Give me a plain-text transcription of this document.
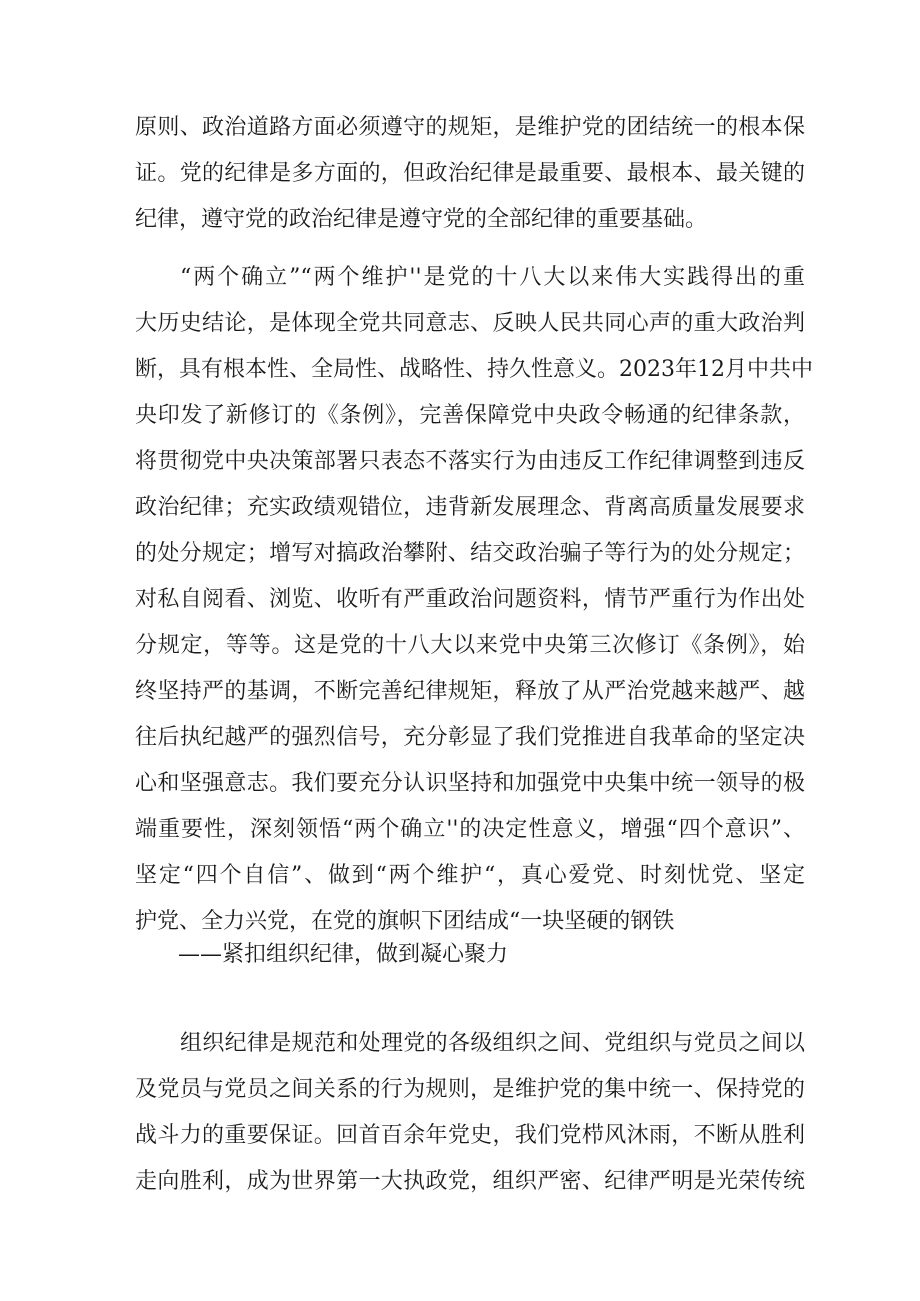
原则、政治道路方面必须遵守的规矩，是维护党的团结统一的根本保
证。党的纪律是多方面的，但政治纪律是最重要、最根本、最关键的
纪律，遵守党的政治纪律是遵守党的全部纪律的重要基础。
“两个确立”“两个维护''是党的十八大以来伟大实践得出的重
大历史结论，是体现全党共同意志、反映人民共同心声的重大政治判
断，具有根本性、全局性、战略性、持久性意义。2023年12月中共中
央印发了新修订的《条例》，完善保障党中央政令畅通的纪律条款，
将贯彻党中央决策部署只表态不落实行为由违反工作纪律调整到违反
政治纪律；充实政绩观错位，违背新发展理念、背离高质量发展要求
的处分规定；增写对搞政治攀附、结交政治骗子等行为的处分规定；
对私自阅看、浏览、收听有严重政治问题资料，情节严重行为作出处
分规定，等等。这是党的十八大以来党中央第三次修订《条例》，始
终坚持严的基调，不断完善纪律规矩，释放了从严治党越来越严、越
往后执纪越严的强烈信号，充分彰显了我们党推进自我革命的坚定决
心和坚强意志。我们要充分认识坚持和加强党中央集中统一领导的极
端重要性，深刻领悟“两个确立''的决定性意义，增强“四个意识”、
坚定“四个自信”、做到“两个维护“，真心爱党、时刻忧党、坚定
护党、全力兴党，在党的旗帜下团结成“一块坚硬的钢铁
——紧扣组织纪律，做到凝心聚力
组织纪律是规范和处理党的各级组织之间、党组织与党员之间以
及党员与党员之间关系的行为规则，是维护党的集中统一、保持党的
战斗力的重要保证。回首百余年党史，我们党栉风沐雨，不断从胜利
走向胜利，成为世界第一大执政党，组织严密、纪律严明是光荣传统
